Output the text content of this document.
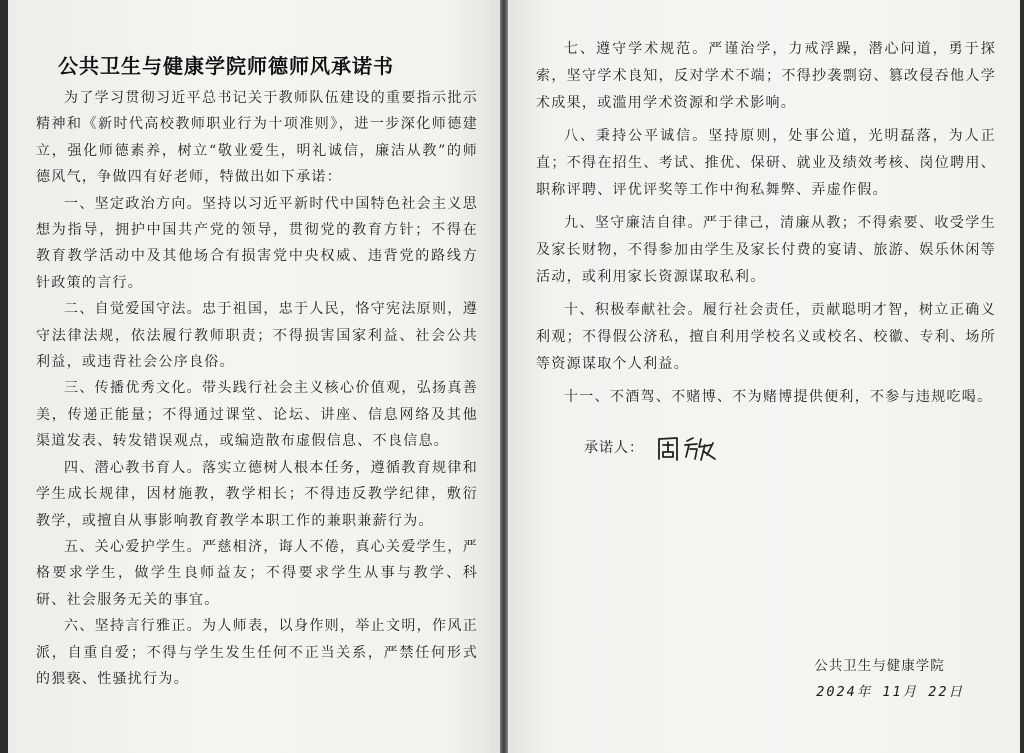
公共卫生与健康学院师德师风承诺书

为了学习贯彻习近平总书记关于教师队伍建设的重要指示批示精神和《新时代高校教师职业行为十项准则》，进一步深化师德建立，强化师德素养，树立“敬业爱生，明礼诚信，廉洁从教”的师德风气，争做四有好老师，特做出如下承诺：

一、坚定政治方向。坚持以习近平新时代中国特色社会主义思想为指导，拥护中国共产党的领导，贯彻党的教育方针；不得在教育教学活动中及其他场合有损害党中央权威、违背党的路线方针政策的言行。

二、自觉爱国守法。忠于祖国，忠于人民，恪守宪法原则，遵守法律法规，依法履行教师职责；不得损害国家利益、社会公共利益，或违背社会公序良俗。

三、传播优秀文化。带头践行社会主义核心价值观，弘扬真善美，传递正能量；不得通过课堂、论坛、讲座、信息网络及其他渠道发表、转发错误观点，或编造散布虚假信息、不良信息。

四、潜心教书育人。落实立德树人根本任务，遵循教育规律和学生成长规律，因材施教，教学相长；不得违反教学纪律，敷衍教学，或擅自从事影响教育教学本职工作的兼职兼薪行为。

五、关心爱护学生。严慈相济，诲人不倦，真心关爱学生，严格要求学生，做学生良师益友；不得要求学生从事与教学、科研、社会服务无关的事宜。

六、坚持言行雅正。为人师表，以身作则，举止文明，作风正派，自重自爱；不得与学生发生任何不正当关系，严禁任何形式的猥亵、性骚扰行为。

七、遵守学术规范。严谨治学，力戒浮躁，潜心问道，勇于探索，坚守学术良知，反对学术不端；不得抄袭剽窃、篡改侵吞他人学术成果，或滥用学术资源和学术影响。

八、秉持公平诚信。坚持原则，处事公道，光明磊落，为人正直；不得在招生、考试、推优、保研、就业及绩效考核、岗位聘用、职称评聘、评优评奖等工作中徇私舞弊、弄虚作假。

九、坚守廉洁自律。严于律己，清廉从教；不得索要、收受学生及家长财物，不得参加由学生及家长付费的宴请、旅游、娱乐休闲等活动，或利用家长资源谋取私利。

十、积极奉献社会。履行社会责任，贡献聪明才智，树立正确义利观；不得假公济私，擅自利用学校名义或校名、校徽、专利、场所等资源谋取个人利益。

十一、不酒驾、不赌博、不为赌博提供便利，不参与违规吃喝。

承诺人：
公共卫生与健康学院
2024年 11月 22日
